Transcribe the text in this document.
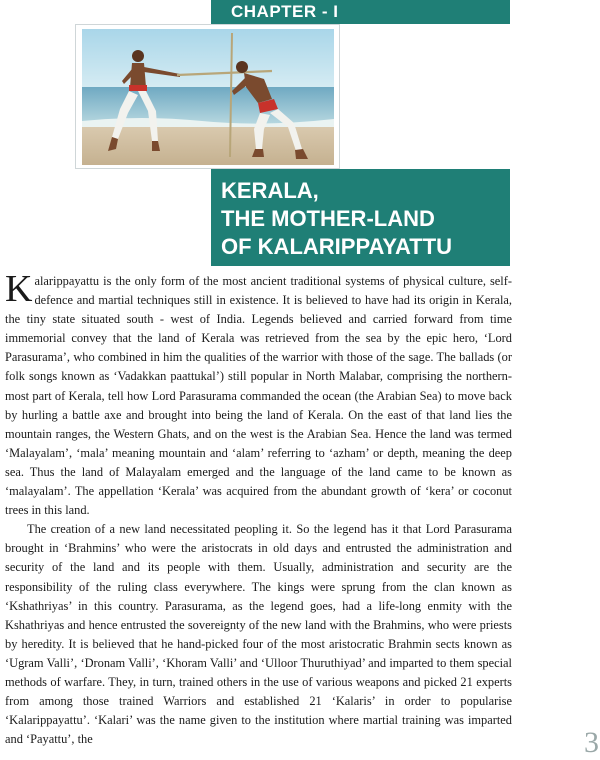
CHAPTER - I
KERALA,
THE MOTHER-LAND
OF KALARIPPAYATTU

Kalarippayattu is the only form of the most ancient traditional systems of physical culture, self-defence and martial techniques still in existence. It is believed to have had its origin in Kerala, the tiny state situated south - west of India. Legends believed and carried forward from time immemorial convey that the land of Kerala was retrieved from the sea by the epic hero, ‘Lord Parasurama’, who combined in him the qualities of the warrior with those of the sage. The ballads (or folk songs known as ‘Vadakkan paattukal’) still popular in North Malabar, comprising the northern-most part of Kerala, tell how Lord Parasurama commanded the ocean (the Arabian Sea) to move back by hurling a battle axe and brought into being the land of Kerala. On the east of that land lies the mountain ranges, the Western Ghats, and on the west is the Arabian Sea. Hence the land was termed ‘Malayalam’, ‘mala’ meaning mountain and ‘alam’ referring to ‘azham’ or depth, meaning the deep sea. Thus the land of Malayalam emerged and the language of the land came to be known as ‘malayalam’. The appellation ‘Kerala’ was acquired from the abundant growth of ‘kera’ or coconut trees in this land.

The creation of a new land necessitated peopling it. So the legend has it that Lord Parasurama brought in ‘Brahmins’ who were the aristocrats in old days and entrusted the administration and security of the land and its people with them. Usually, administration and security are the responsibility of the ruling class everywhere. The kings were sprung from the clan known as ‘Kshathriyas’ in this country. Parasurama, as the legend goes, had a life-long enmity with the Kshathriyas and hence entrusted the sovereignty of the new land with the Brahmins, who were priests by heredity. It is believed that he hand-picked four of the most aristocratic Brahmin sects known as ‘Ugram Valli’, ‘Dronam Valli’, ‘Khoram Valli’ and ‘Ulloor Thuruthiyad’ and imparted to them special methods of warfare. They, in turn, trained others in the use of various weapons and picked 21 experts from among those trained Warriors and established 21 ‘Kalaris’ in order to popularise ‘Kalarippayattu’. ‘Kalari’ was the name given to the institution where martial training was imparted and ‘Payattu’, the	3
